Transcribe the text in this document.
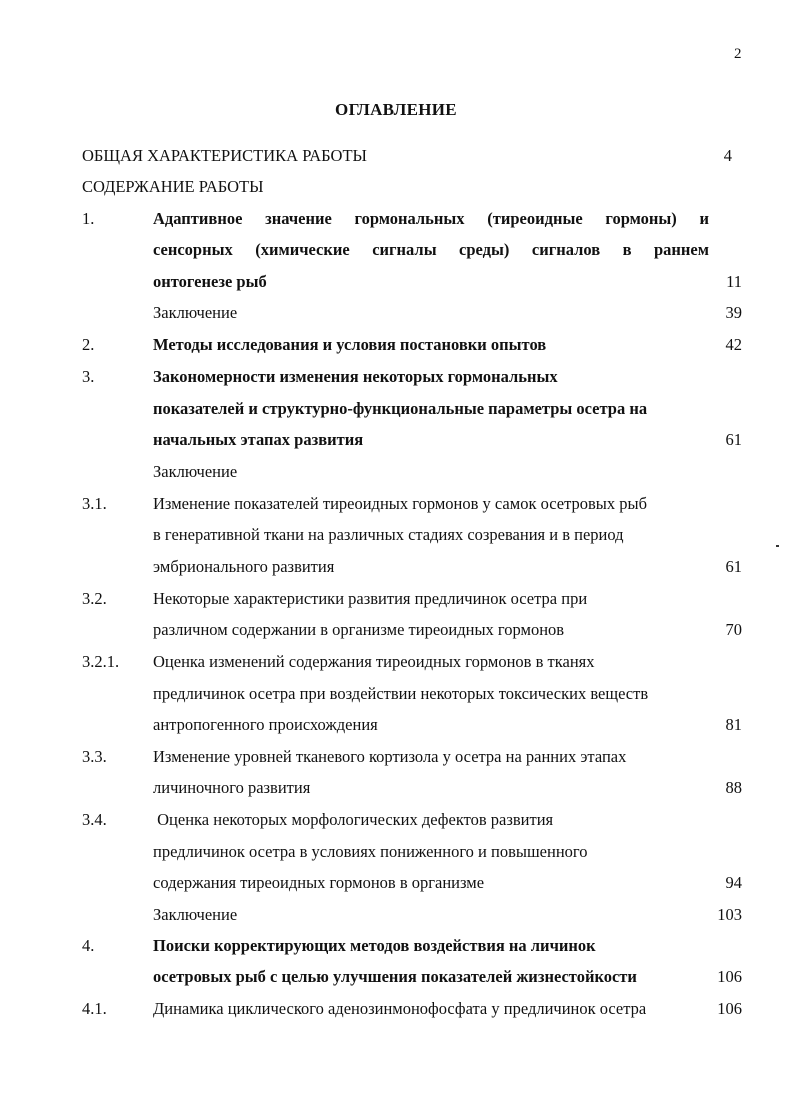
2
ОГЛАВЛЕНИЕ
ОБЩАЯ ХАРАКТЕРИСТИКА РАБОТЫ	4
СОДЕРЖАНИЕ РАБОТЫ
1.	Адаптивное значение гормональных (тиреоидные гормоны) и
сенсорных (химические сигналы среды) сигналов в раннем
онтогенезе рыб	11
Заключение	39
2.	Методы исследования и условия постановки опытов	42
3.	Закономерности изменения некоторых гормональных
показателей и структурно-функциональные параметры осетра на
начальных этапах развития	61
Заключение
3.1.	Изменение показателей тиреоидных гормонов у самок осетровых рыб
в генеративной ткани на различных стадиях созревания и в период
эмбрионального развития	61
3.2.	Некоторые характеристики развития предличинок осетра при
различном содержании в организме тиреоидных гормонов	70
3.2.1. Оценка изменений содержания тиреоидных гормонов в тканях
предличинок осетра при воздействии некоторых токсических веществ
антропогенного происхождения	81
3.3.	Изменение уровней тканевого кортизола у осетра на ранних этапах
личиночного развития	88
3.4.	Оценка некоторых морфологических дефектов развития
предличинок осетра в условиях пониженного и повышенного
содержания тиреоидных гормонов в организме	94
Заключение	103
4.	Поиски корректирующих методов воздействия на личинок
осетровых рыб с целью улучшения показателей жизнестойкости	106
4.1.	Динамика циклического аденозинмонофосфата у предличинок осетра	106
